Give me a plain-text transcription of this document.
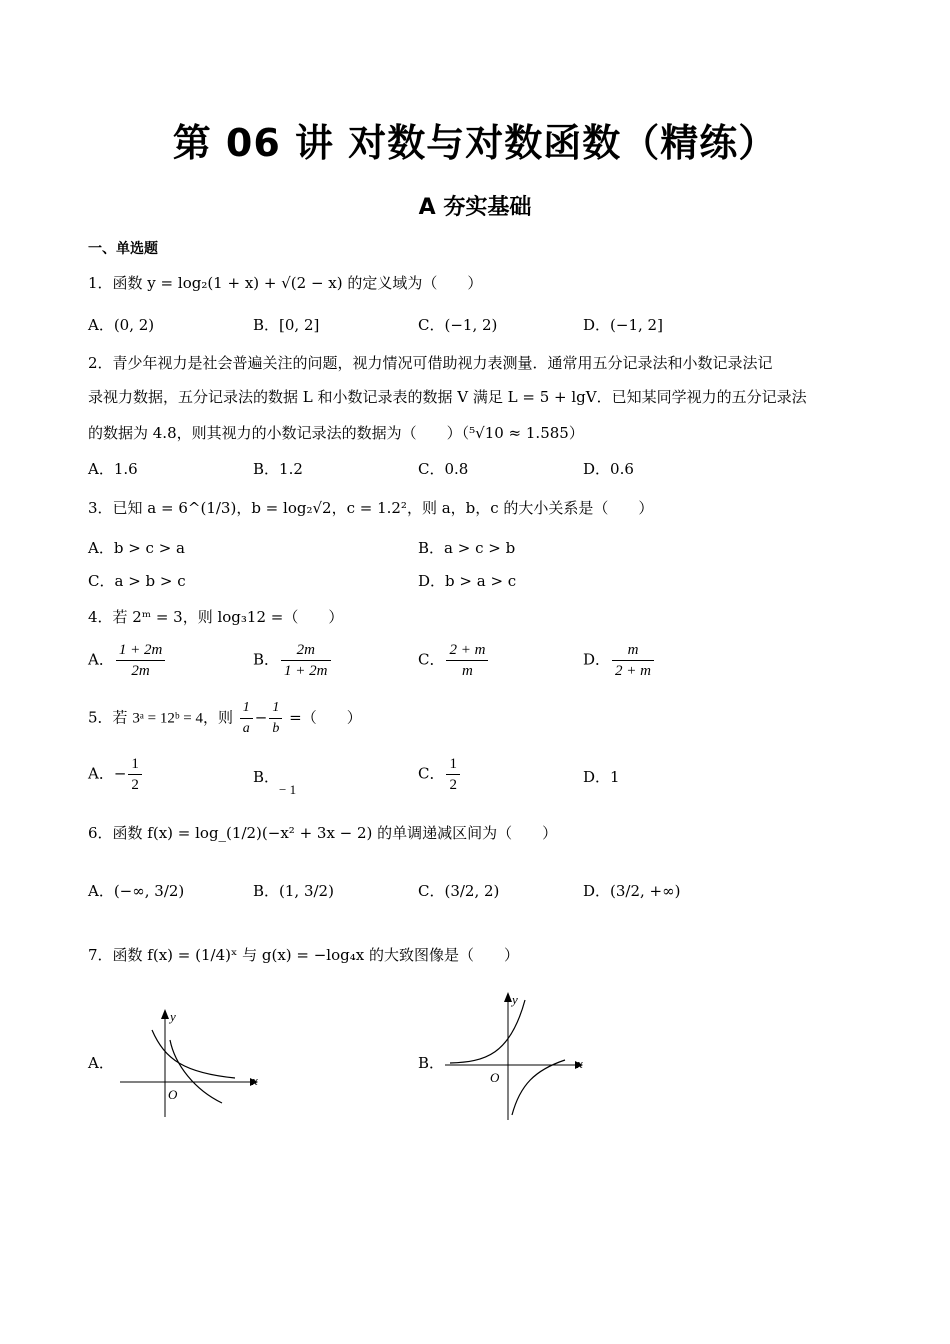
第 06 讲 对数与对数函数（精练）
A 夯实基础
一、单选题
1．函数 y = log₂(1 + x) + √(2 − x) 的定义域为（　　）
A．(0, 2)	B．[0, 2]	C．(−1, 2)	D．(−1, 2]
2．青少年视力是社会普遍关注的问题，视力情况可借助视力表测量．通常用五分记录法和小数记录法记
录视力数据，五分记录法的数据 L 和小数记录表的数据 V 满足 L = 5 + lgV．已知某同学视力的五分记录法
的数据为 4.8，则其视力的小数记录法的数据为（　　）（⁵√10 ≈ 1.585）
A．1.6	B．1.2	C．0.8	D．0.6
3．已知 a = 6^(1/3)，b = log₂√2，c = 1.2²，则 a，b，c 的大小关系是（　　）
A．b > c > a	B．a > c > b
C．a > b > c	D．b > a > c
4．若 2ᵐ = 3，则 log₃12 =（　　）
A． $\frac{1 + 2m}{2m}$	B． $\frac{2m}{1 + 2m}$	C． $\frac{2 + m}{m}$	D． $\frac{m}{2 + m}$
5．若 3ᵃ = 12ᵇ = 4，则 $\frac{1}{a} - \frac{1}{b}$ =（　　）
A．− $\frac{1}{2}$	B．− 1
C． $\frac{1}{2}$	D．1
6．函数 f(x) = log_(1/2)(−x² + 3x − 2) 的单调递减区间为（　　）
A．(−∞, 3/2)	B．(1, 3/2)	C．(3/2, 2)	D．(3/2, +∞)
7．函数 f(x) = (1/4)ˣ 与 g(x) = −log₄x 的大致图像是（　　）
A．	B．
x
y
O
x
y
O
